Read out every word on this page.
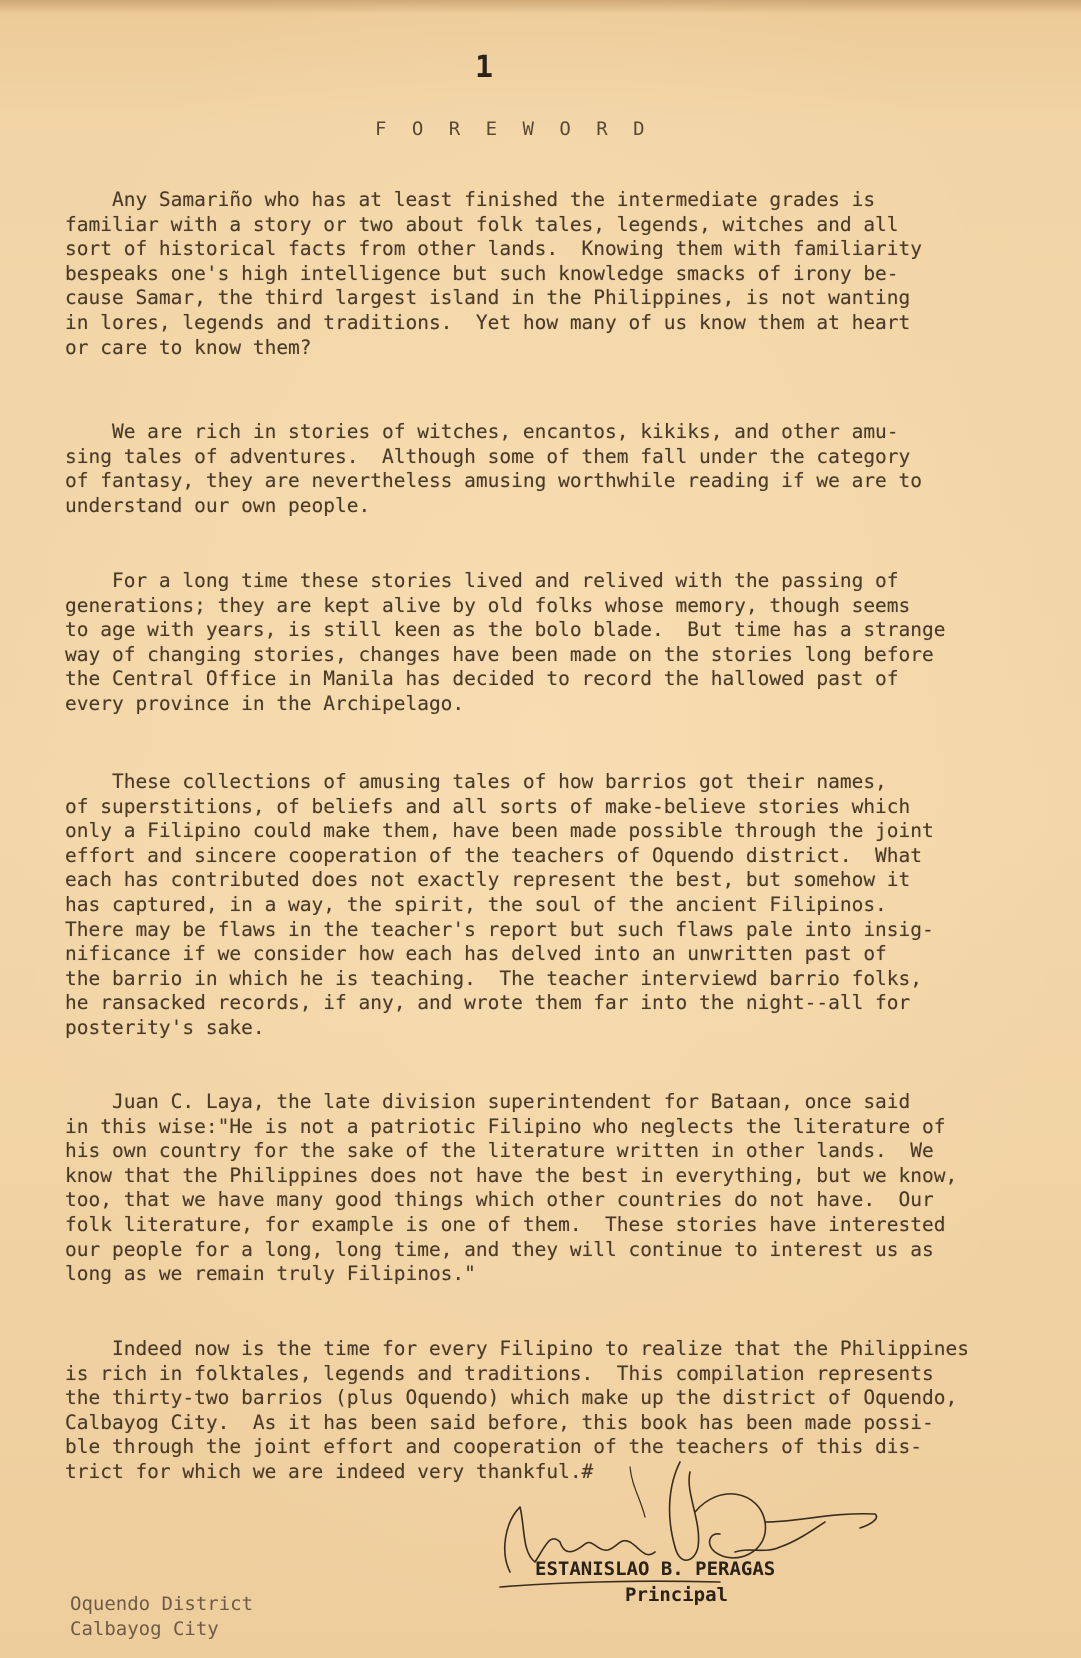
1
F O R E W O R D

Any Samariño who has at least finished the intermediate grades is
familiar with a story or two about folk tales, legends, witches and all
sort of historical facts from other lands.  Knowing them with familiarity
bespeaks one's high intelligence but such knowledge smacks of irony be-
cause Samar, the third largest island in the Philippines, is not wanting
in lores, legends and traditions.  Yet how many of us know them at heart
or care to know them?

We are rich in stories of witches, encantos, kikiks, and other amu-
sing tales of adventures.  Although some of them fall under the category
of fantasy, they are nevertheless amusing worthwhile reading if we are to
understand our own people.

For a long time these stories lived and relived with the passing of
generations; they are kept alive by old folks whose memory, though seems
to age with years, is still keen as the bolo blade.  But time has a strange
way of changing stories, changes have been made on the stories long before
the Central Office in Manila has decided to record the hallowed past of
every province in the Archipelago.

These collections of amusing tales of how barrios got their names,
of superstitions, of beliefs and all sorts of make-believe stories which
only a Filipino could make them, have been made possible through the joint
effort and sincere cooperation of the teachers of Oquendo district.  What
each has contributed does not exactly represent the best, but somehow it
has captured, in a way, the spirit, the soul of the ancient Filipinos.
There may be flaws in the teacher's report but such flaws pale into insig-
nificance if we consider how each has delved into an unwritten past of
the barrio in which he is teaching.  The teacher interviewd barrio folks,
he ransacked records, if any, and wrote them far into the night--all for
posterity's sake.

Juan C. Laya, the late division superintendent for Bataan, once said
in this wise:"He is not a patriotic Filipino who neglects the literature of
his own country for the sake of the literature written in other lands.  We
know that the Philippines does not have the best in everything, but we know,
too, that we have many good things which other countries do not have.  Our
folk literature, for example is one of them.  These stories have interested
our people for a long, long time, and they will continue to interest us as
long as we remain truly Filipinos."

Indeed now is the time for every Filipino to realize that the Philippines
is rich in folktales, legends and traditions.  This compilation represents
the thirty-two barrios (plus Oquendo) which make up the district of Oquendo,
Calbayog City.  As it has been said before, this book has been made possi-
ble through the joint effort and cooperation of the teachers of this dis-
trict for which we are indeed very thankful.#

ESTANISLAO B. PERAGAS
Principal
Oquendo District
Calbayog City
